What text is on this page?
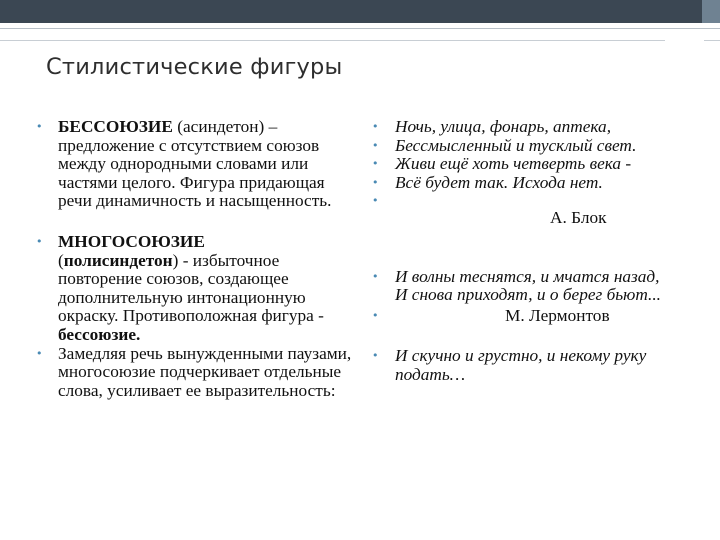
Стилистические фигуры
• БЕССОЮЗИЕ (асиндетон) – предложение с отсутствием союзов между однородными словами или частями целого. Фигура придающая речи динамичность и насыщенность.
• МНОГОСОЮЗИЕ
(полисиндетон) - избыточное повторение союзов, создающее дополнительную интонационную окраску. Противоположная фигура - бессоюзие.
• Замедляя речь вынужденными паузами, многосоюзие подчеркивает отдельные слова, усиливает ее выразительность:
• Ночь, улица, фонарь, аптека,
• Бессмысленный и тусклый свет.
• Живи ещё хоть четверть века -
• Всё будет так. Исхода нет.
•
А. Блок
• И волны теснятся, и мчатся назад,
И снова приходят, и о берег бьют...
•	М. Лермонтов
• И скучно и грустно, и некому руку подать…
